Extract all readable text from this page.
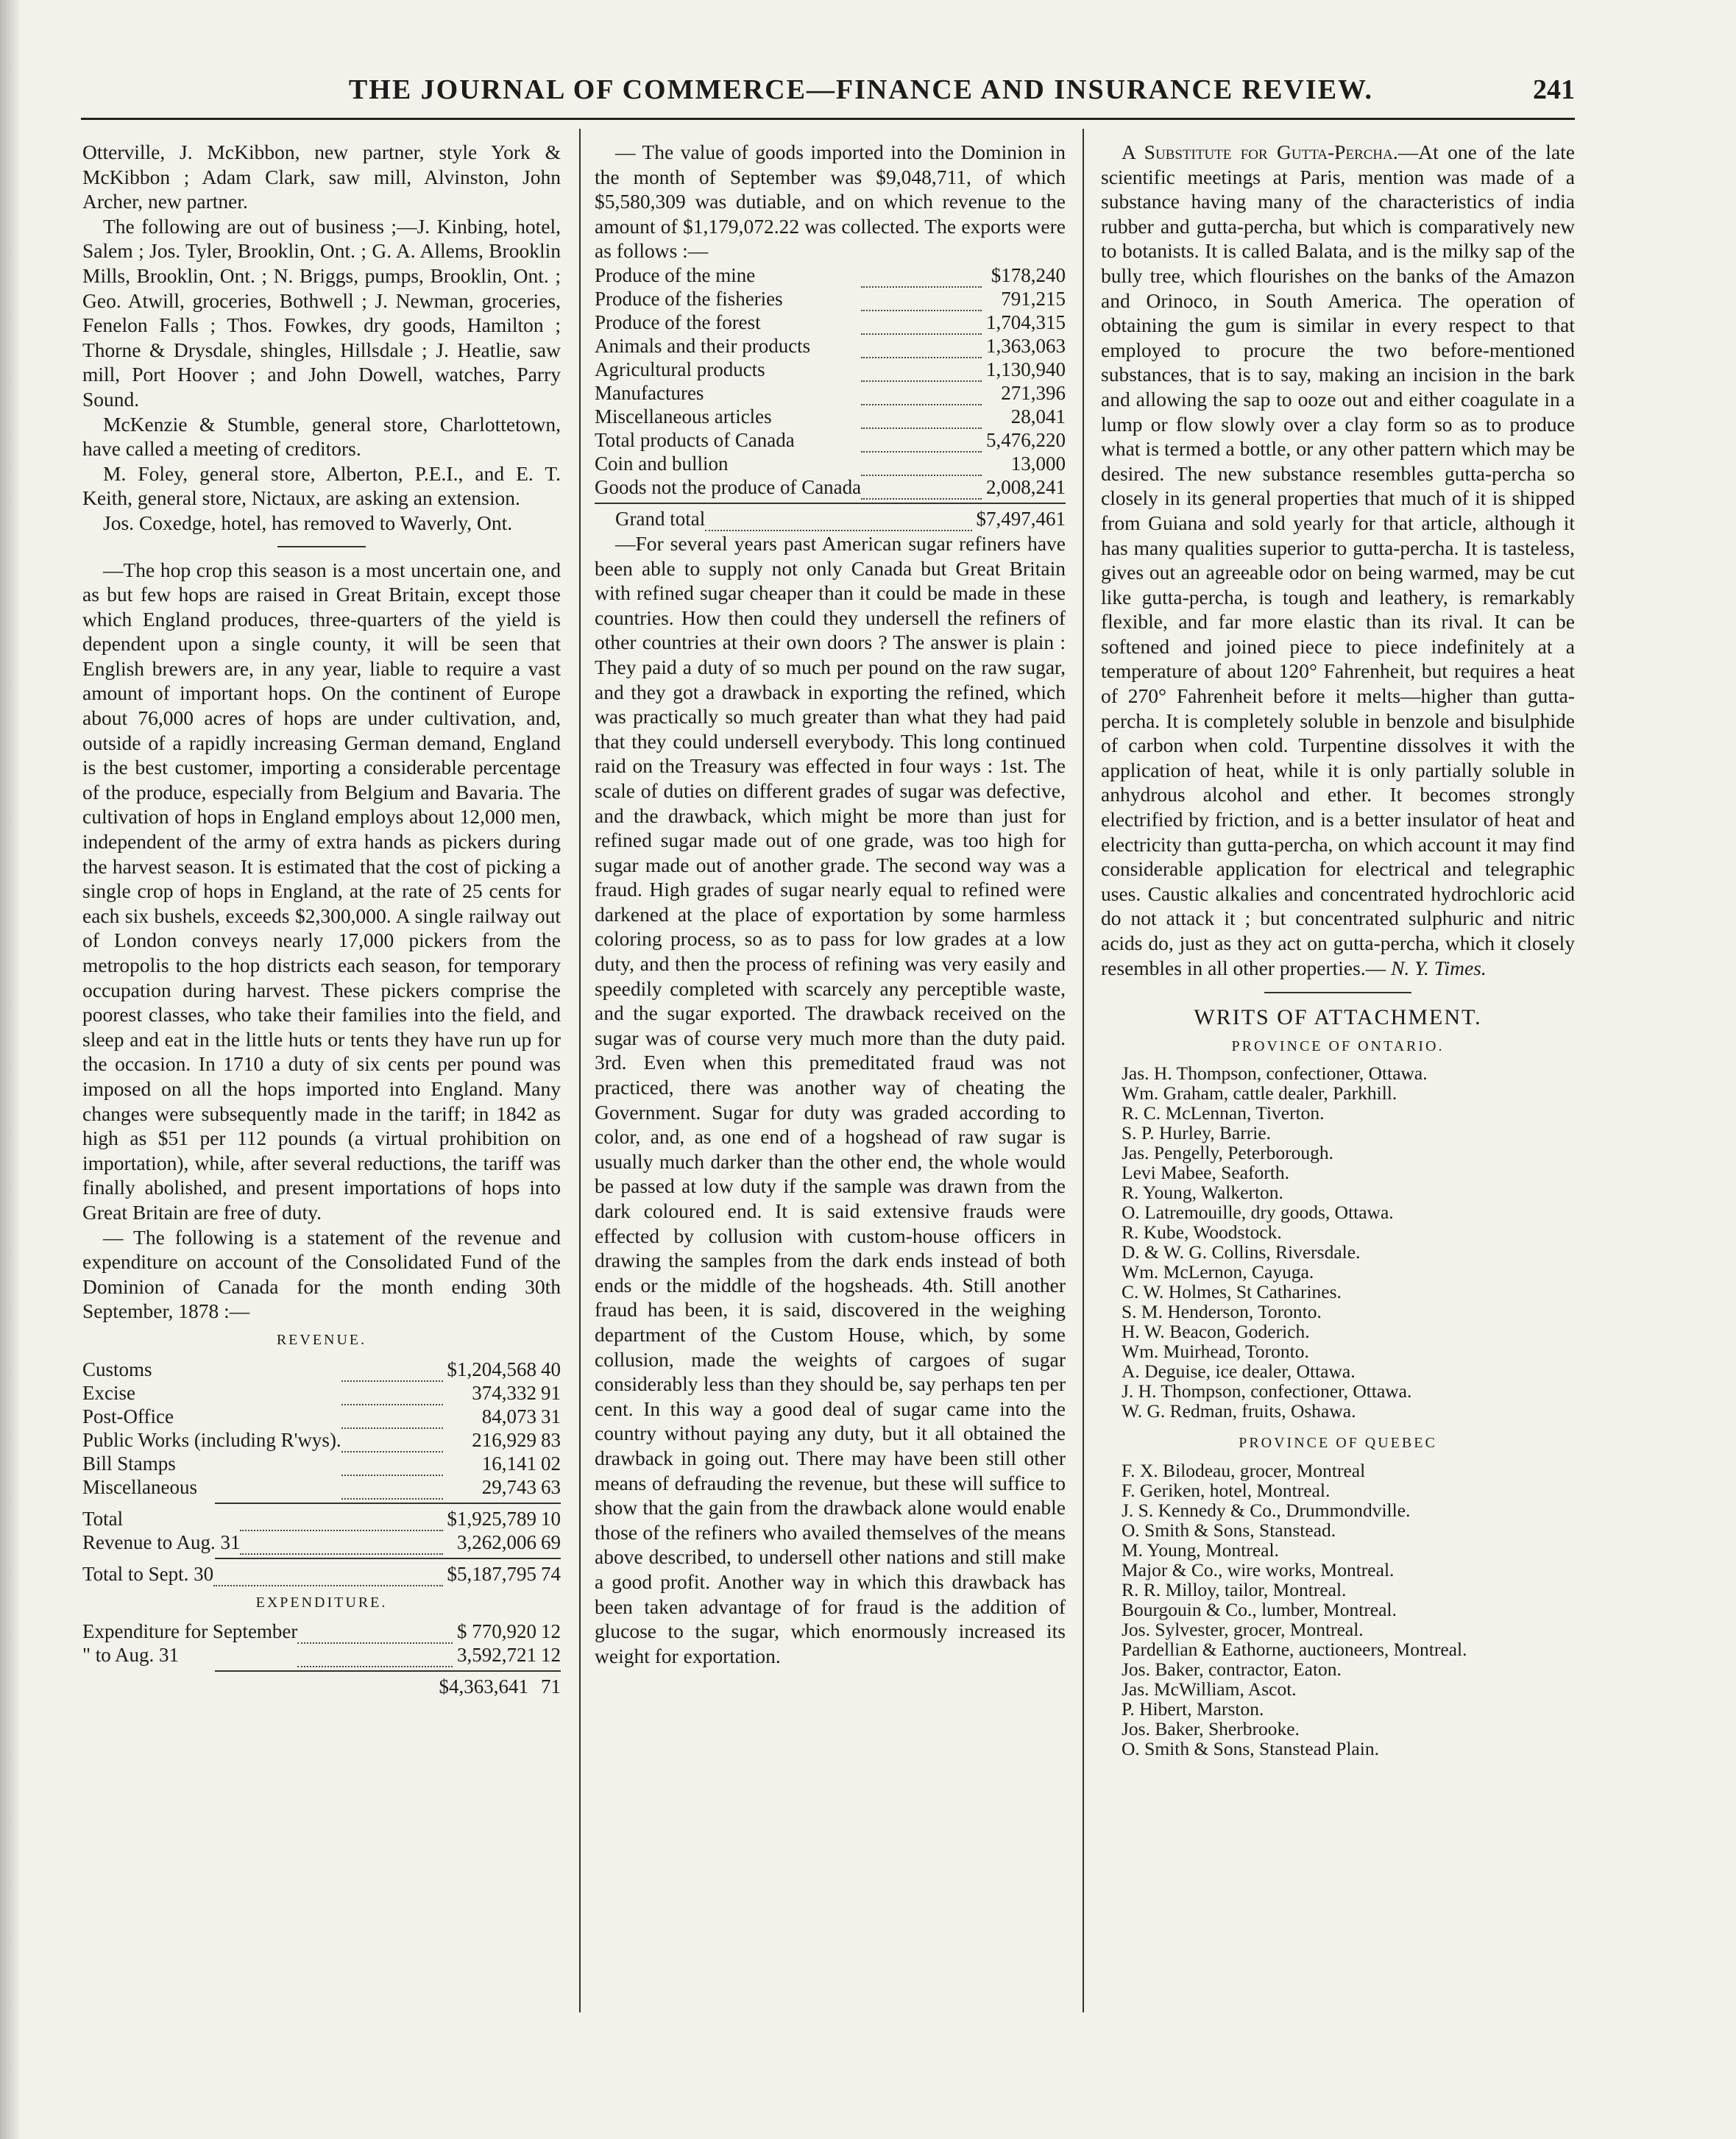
THE JOURNAL OF COMMERCE—FINANCE AND INSURANCE REVIEW.	241

Otterville, J. McKibbon, new partner, style York & McKibbon ; Adam Clark, saw mill, Alvinston, John Archer, new partner.

The following are out of business ;—J. Kinbing, hotel, Salem ; Jos. Tyler, Brooklin, Ont. ; G. A. Allems, Brooklin Mills, Brooklin, Ont. ; N. Briggs, pumps, Brooklin, Ont. ; Geo. Atwill, groceries, Bothwell ; J. Newman, groceries, Fenelon Falls ; Thos. Fowkes, dry goods, Hamilton ; Thorne & Drysdale, shingles, Hillsdale ; J. Heatlie, saw mill, Port Hoover ; and John Dowell, watches, Parry Sound.

McKenzie & Stumble, general store, Charlottetown, have called a meeting of creditors.

M. Foley, general store, Alberton, P.E.I., and E. T. Keith, general store, Nictaux, are asking an extension.

Jos. Coxedge, hotel, has removed to Waverly, Ont.

—The hop crop this season is a most uncertain one, and as but few hops are raised in Great Britain, except those which England produces, three-quarters of the yield is dependent upon a single county, it will be seen that English brewers are, in any year, liable to require a vast amount of important hops. On the continent of Europe about 76,000 acres of hops are under cultivation, and, outside of a rapidly increasing German demand, England is the best customer, importing a considerable percentage of the produce, especially from Belgium and Bavaria. The cultivation of hops in England employs about 12,000 men, independent of the army of extra hands as pickers during the harvest season. It is estimated that the cost of picking a single crop of hops in England, at the rate of 25 cents for each six bushels, exceeds $2,300,000. A single railway out of London conveys nearly 17,000 pickers from the metropolis to the hop districts each season, for temporary occupation during harvest. These pickers comprise the poorest classes, who take their families into the field, and sleep and eat in the little huts or tents they have run up for the occasion. In 1710 a duty of six cents per pound was imposed on all the hops imported into England. Many changes were subsequently made in the tariff; in 1842 as high as $51 per 112 pounds (a virtual prohibition on importation), while, after several reductions, the tariff was finally abolished, and present importations of hops into Great Britain are free of duty.

— The following is a statement of the revenue and expenditure on account of the Consolidated Fund of the Dominion of Canada for the month ending 30th September, 1878 :—

REVENUE.
Customs		$1,204,568	40
Excise		374,332	91
Post-Office		84,073	31
Public Works (including R'wys).		216,929	83
Bill Stamps		16,141	02
Miscellaneous		29,743	63
Total		$1,925,789	10
Revenue to Aug. 31		3,262,006	69
Total to Sept. 30		$5,187,795	74
EXPENDITURE.
Expenditure for September		$ 770,920	12
" to Aug. 31		3,592,721	12
		$4,363,641	71

— The value of goods imported into the Dominion in the month of September was $9,048,711, of which $5,580,309 was dutiable, and on which revenue to the amount of $1,179,072.22 was collected. The exports were as follows :—

Produce of the mine		$178,240
Produce of the fisheries		791,215
Produce of the forest		1,704,315
Animals and their products		1,363,063
Agricultural products		1,130,940
Manufactures		271,396
Miscellaneous articles		28,041
Total products of Canada		5,476,220
Coin and bullion		13,000
Goods not the produce of Canada		2,008,241
Grand total		$7,497,461

—For several years past American sugar refiners have been able to supply not only Canada but Great Britain with refined sugar cheaper than it could be made in these countries. How then could they undersell the refiners of other countries at their own doors ? The answer is plain : They paid a duty of so much per pound on the raw sugar, and they got a drawback in exporting the refined, which was practically so much greater than what they had paid that they could undersell everybody. This long continued raid on the Treasury was effected in four ways : 1st. The scale of duties on different grades of sugar was defective, and the drawback, which might be more than just for refined sugar made out of one grade, was too high for sugar made out of another grade. The second way was a fraud. High grades of sugar nearly equal to refined were darkened at the place of exportation by some harmless coloring process, so as to pass for low grades at a low duty, and then the process of refining was very easily and speedily completed with scarcely any perceptible waste, and the sugar exported. The drawback received on the sugar was of course very much more than the duty paid. 3rd. Even when this premeditated fraud was not practiced, there was another way of cheating the Government. Sugar for duty was graded according to color, and, as one end of a hogshead of raw sugar is usually much darker than the other end, the whole would be passed at low duty if the sample was drawn from the dark coloured end. It is said extensive frauds were effected by collusion with custom-house officers in drawing the samples from the dark ends instead of both ends or the middle of the hogsheads. 4th. Still another fraud has been, it is said, discovered in the weighing department of the Custom House, which, by some collusion, made the weights of cargoes of sugar considerably less than they should be, say perhaps ten per cent. In this way a good deal of sugar came into the country without paying any duty, but it all obtained the drawback in going out. There may have been still other means of defrauding the revenue, but these will suffice to show that the gain from the drawback alone would enable those of the refiners who availed themselves of the means above described, to undersell other nations and still make a good profit. Another way in which this drawback has been taken advantage of for fraud is the addition of glucose to the sugar, which enormously increased its weight for exportation.

A Substitute for Gutta-Percha.—At one of the late scientific meetings at Paris, mention was made of a substance having many of the characteristics of india rubber and gutta-percha, but which is comparatively new to botanists. It is called Balata, and is the milky sap of the bully tree, which flourishes on the banks of the Amazon and Orinoco, in South America. The operation of obtaining the gum is similar in every respect to that employed to procure the two before-mentioned substances, that is to say, making an incision in the bark and allowing the sap to ooze out and either coagulate in a lump or flow slowly over a clay form so as to produce what is termed a bottle, or any other pattern which may be desired. The new substance resembles gutta-percha so closely in its general properties that much of it is shipped from Guiana and sold yearly for that article, although it has many qualities superior to gutta-percha. It is tasteless, gives out an agreeable odor on being warmed, may be cut like gutta-percha, is tough and leathery, is remarkably flexible, and far more elastic than its rival. It can be softened and joined piece to piece indefinitely at a temperature of about 120° Fahrenheit, but requires a heat of 270° Fahrenheit before it melts—higher than gutta-percha. It is completely soluble in benzole and bisulphide of carbon when cold. Turpentine dissolves it with the application of heat, while it is only partially soluble in anhydrous alcohol and ether. It becomes strongly electrified by friction, and is a better insulator of heat and electricity than gutta-percha, on which account it may find considerable application for electrical and telegraphic uses. Caustic alkalies and concentrated hydrochloric acid do not attack it ; but concentrated sulphuric and nitric acids do, just as they act on gutta-percha, which it closely resembles in all other properties.— N. Y. Times.

WRITS OF ATTACHMENT.
PROVINCE OF ONTARIO.

Jas. H. Thompson, confectioner, Ottawa.

Wm. Graham, cattle dealer, Parkhill.

R. C. McLennan, Tiverton.

S. P. Hurley, Barrie.

Jas. Pengelly, Peterborough.

Levi Mabee, Seaforth.

R. Young, Walkerton.

O. Latremouille, dry goods, Ottawa.

R. Kube, Woodstock.

D. & W. G. Collins, Riversdale.

Wm. McLernon, Cayuga.

C. W. Holmes, St Catharines.

S. M. Henderson, Toronto.

H. W. Beacon, Goderich.

Wm. Muirhead, Toronto.

A. Deguise, ice dealer, Ottawa.

J. H. Thompson, confectioner, Ottawa.

W. G. Redman, fruits, Oshawa.

PROVINCE OF QUEBEC

F. X. Bilodeau, grocer, Montreal

F. Geriken, hotel, Montreal.

J. S. Kennedy & Co., Drummondville.

O. Smith & Sons, Stanstead.

M. Young, Montreal.

Major & Co., wire works, Montreal.

R. R. Milloy, tailor, Montreal.

Bourgouin & Co., lumber, Montreal.

Jos. Sylvester, grocer, Montreal.

Pardellian & Eathorne, auctioneers, Montreal.

Jos. Baker, contractor, Eaton.

Jas. McWilliam, Ascot.

P. Hibert, Marston.

Jos. Baker, Sherbrooke.

O. Smith & Sons, Stanstead Plain.
